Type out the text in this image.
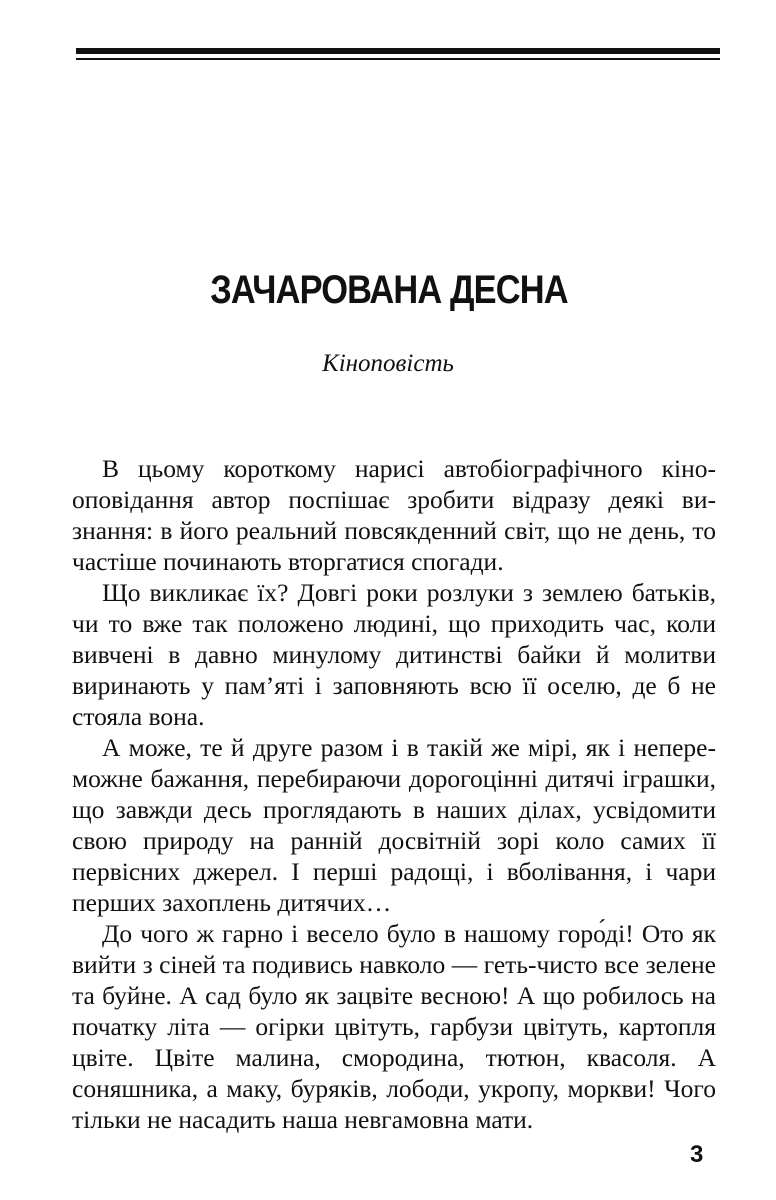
ЗАЧАРОВАНА ДЕСНА
Кіноповість

В цьому короткому нарисі автобіографічного кінооповідання автор поспішає зробити відразу деякі визнання: в його реальний повсякденний світ, що не день, то частіше починають вторгатися спогади.

Що викликає їх? Довгі роки розлуки з землею батьків, чи то вже так положено людині, що приходить час, коли вивчені в давно минулому дитинстві байки й молитви виринають у пам’яті і заповняють всю її оселю, де б не стояла вона.

А може, те й друге разом і в такій же мірі, як і непереможне бажання, перебираючи дорогоцінні дитячі іграшки, що завжди десь проглядають в наших ділах, усвідомити свою природу на ранній досвітній зорі коло самих її первісних джерел. І перші радощі, і вболівання, і чари перших захоплень дитячих…

До чого ж гарно і весело було в нашому горо́ді! Ото як вийти з сіней та подивись навколо — геть-чисто все зелене та буйне. А сад було як зацвіте весною! А що робилось на початку літа — огірки цвітуть, гарбузи цвітуть, картопля цвіте. Цвіте малина, смородина, тютюн, квасоля. А соняшника, а маку, буряків, лободи, укропу, моркви! Чого тільки не насадить наша невгамовна мати.

3
